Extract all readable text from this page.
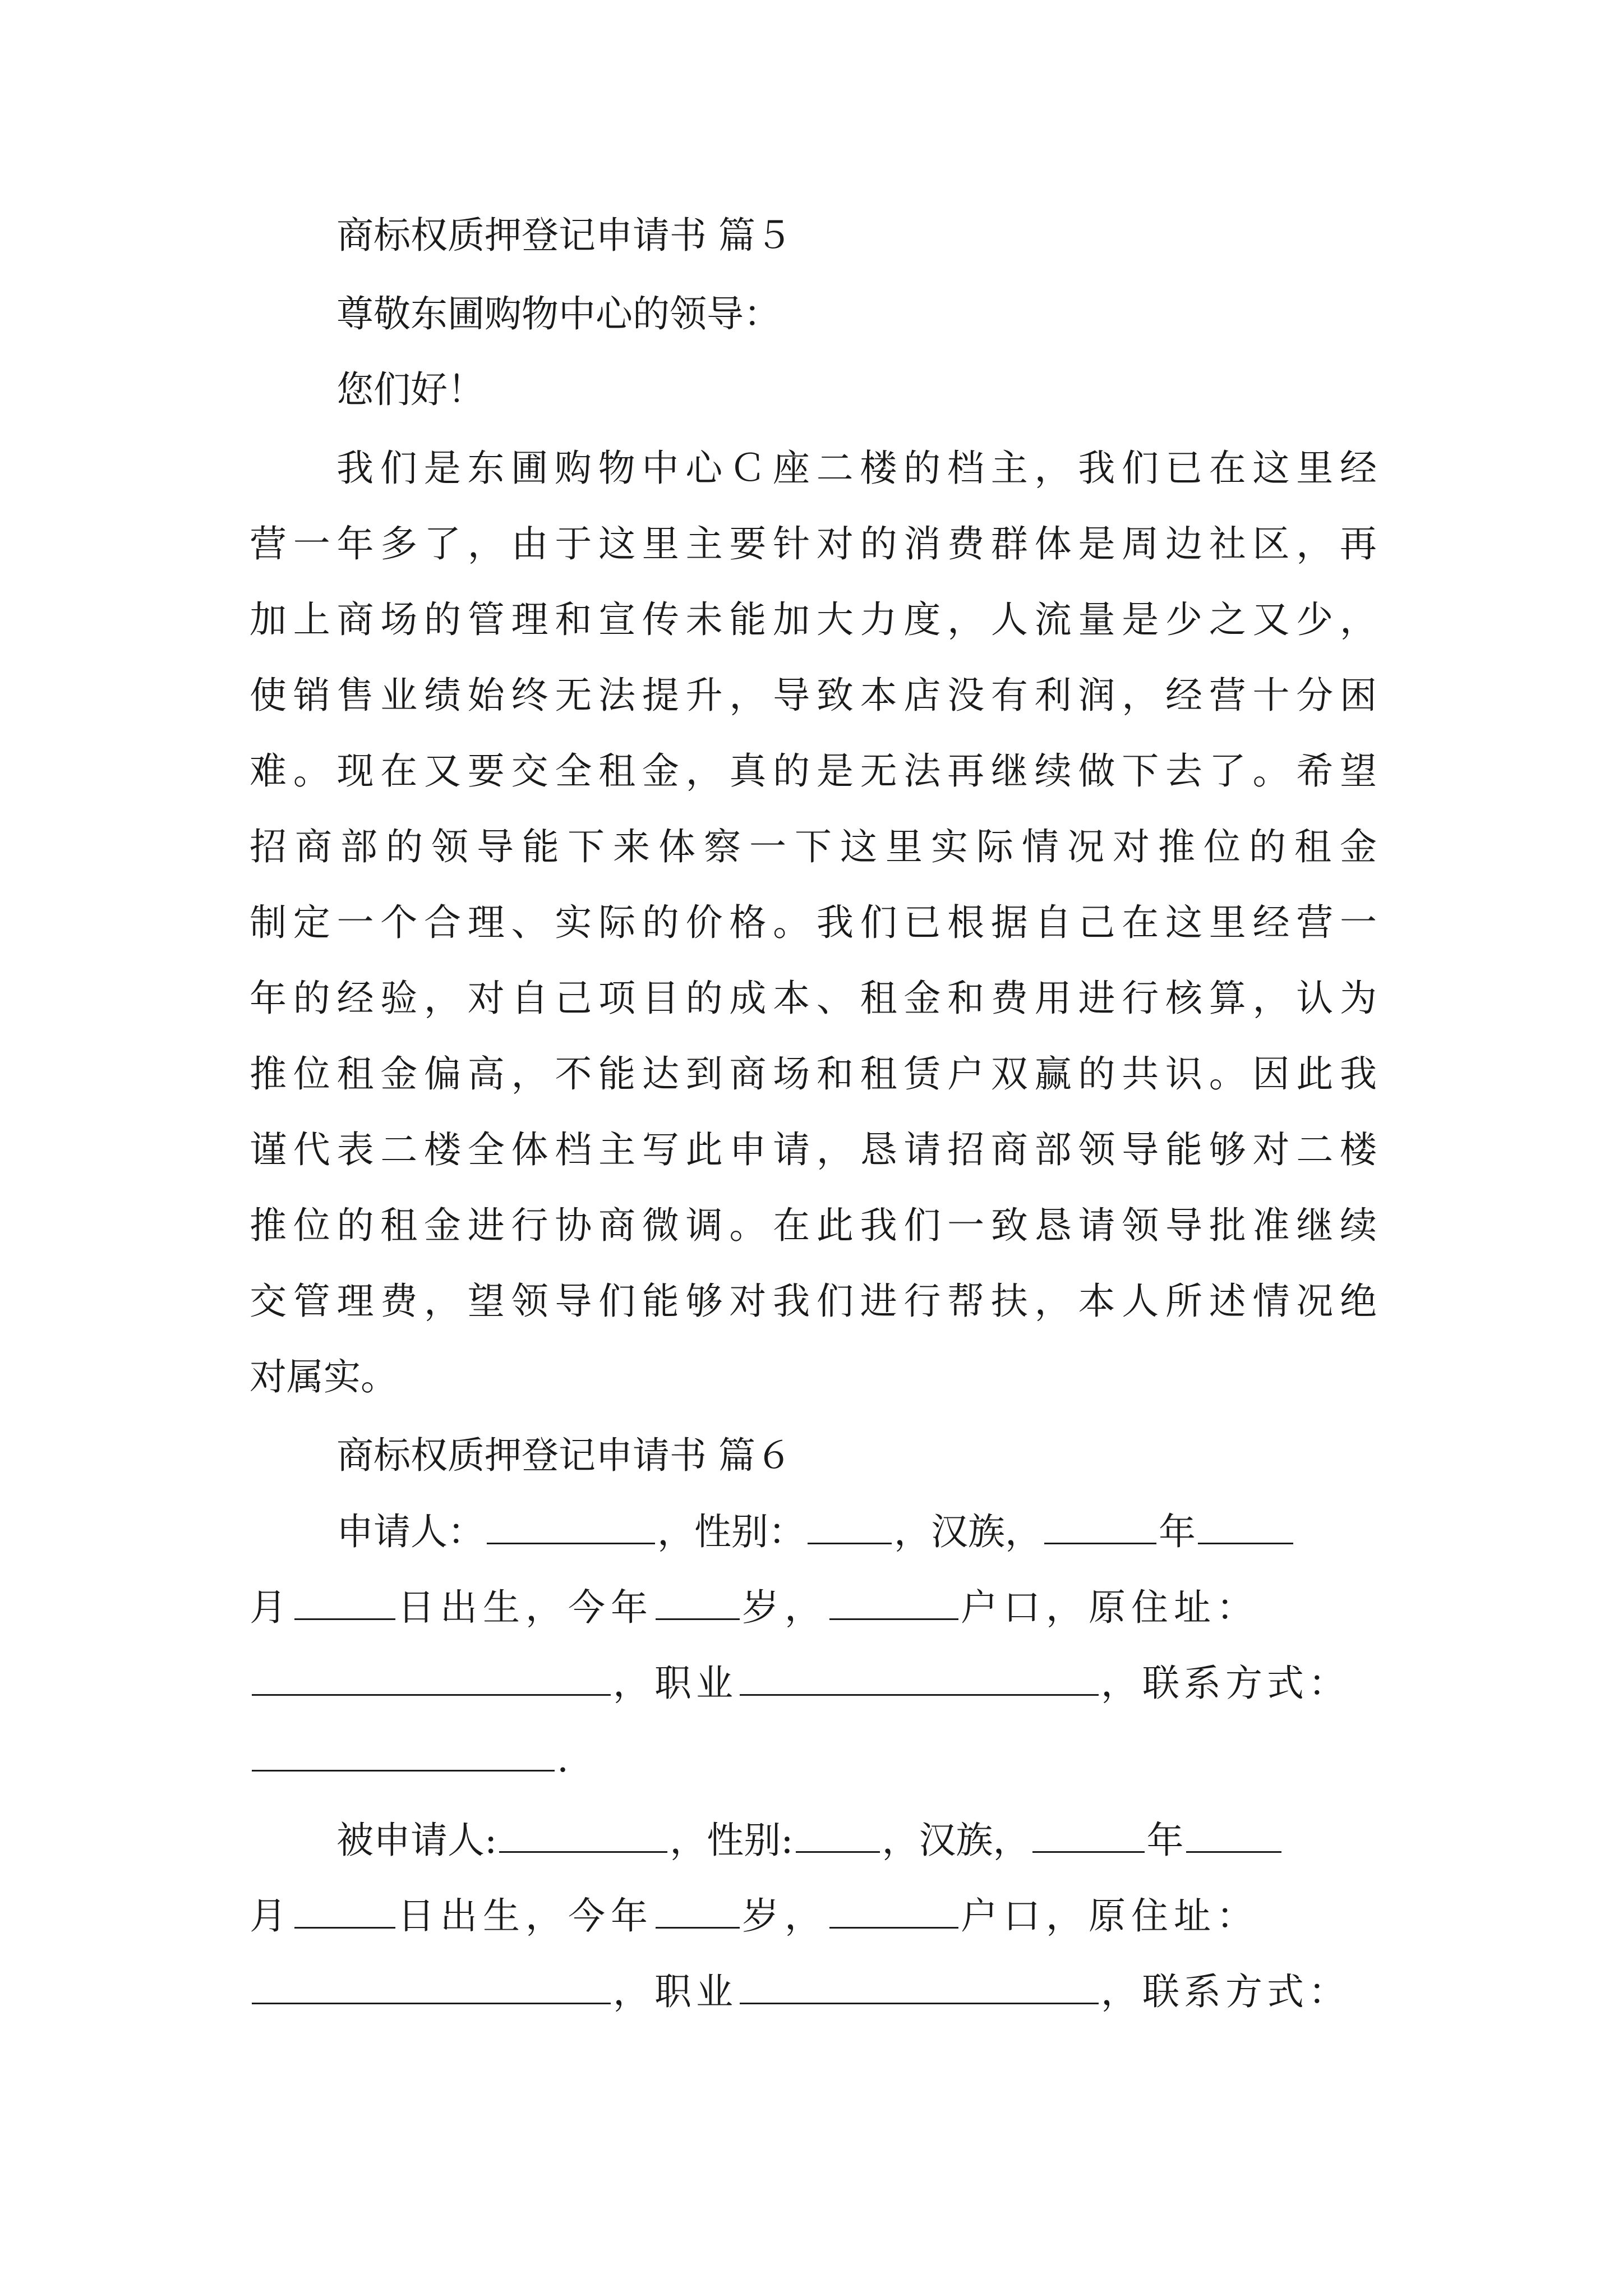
商标权质押登记申请书 篇５
尊敬东圃购物中心的领导：
您们好！
我们是东圃购物中心Ｃ座二楼的档主，我们已在这里经
营一年多了，由于这里主要针对的消费群体是周边社区，再
加上商场的管理和宣传未能加大力度，人流量是少之又少，
使销售业绩始终无法提升，导致本店没有利润，经营十分困
难。现在又要交全租金，真的是无法再继续做下去了。希望
招商部的领导能下来体察一下这里实际情况对推位的租金
制定一个合理、实际的价格。我们已根据自己在这里经营一
年的经验，对自己项目的成本、租金和费用进行核算，认为
推位租金偏高，不能达到商场和租赁户双赢的共识。因此我
谨代表二楼全体档主写此申请，恳请招商部领导能够对二楼
推位的租金进行协商微调。在此我们一致恳请领导批准继续
交管理费，望领导们能够对我们进行帮扶，本人所述情况绝
对属实。
商标权质押登记申请书 篇６
申请人：	，性别： ，汉族，	年
月	日出生，今年 岁，	户口，原住址：
，职业	，联系方式：
.
被申请人:	，性别: ，汉族，	年
月	日出生，今年 岁，	户口，原住址：
，职业	，联系方式：
